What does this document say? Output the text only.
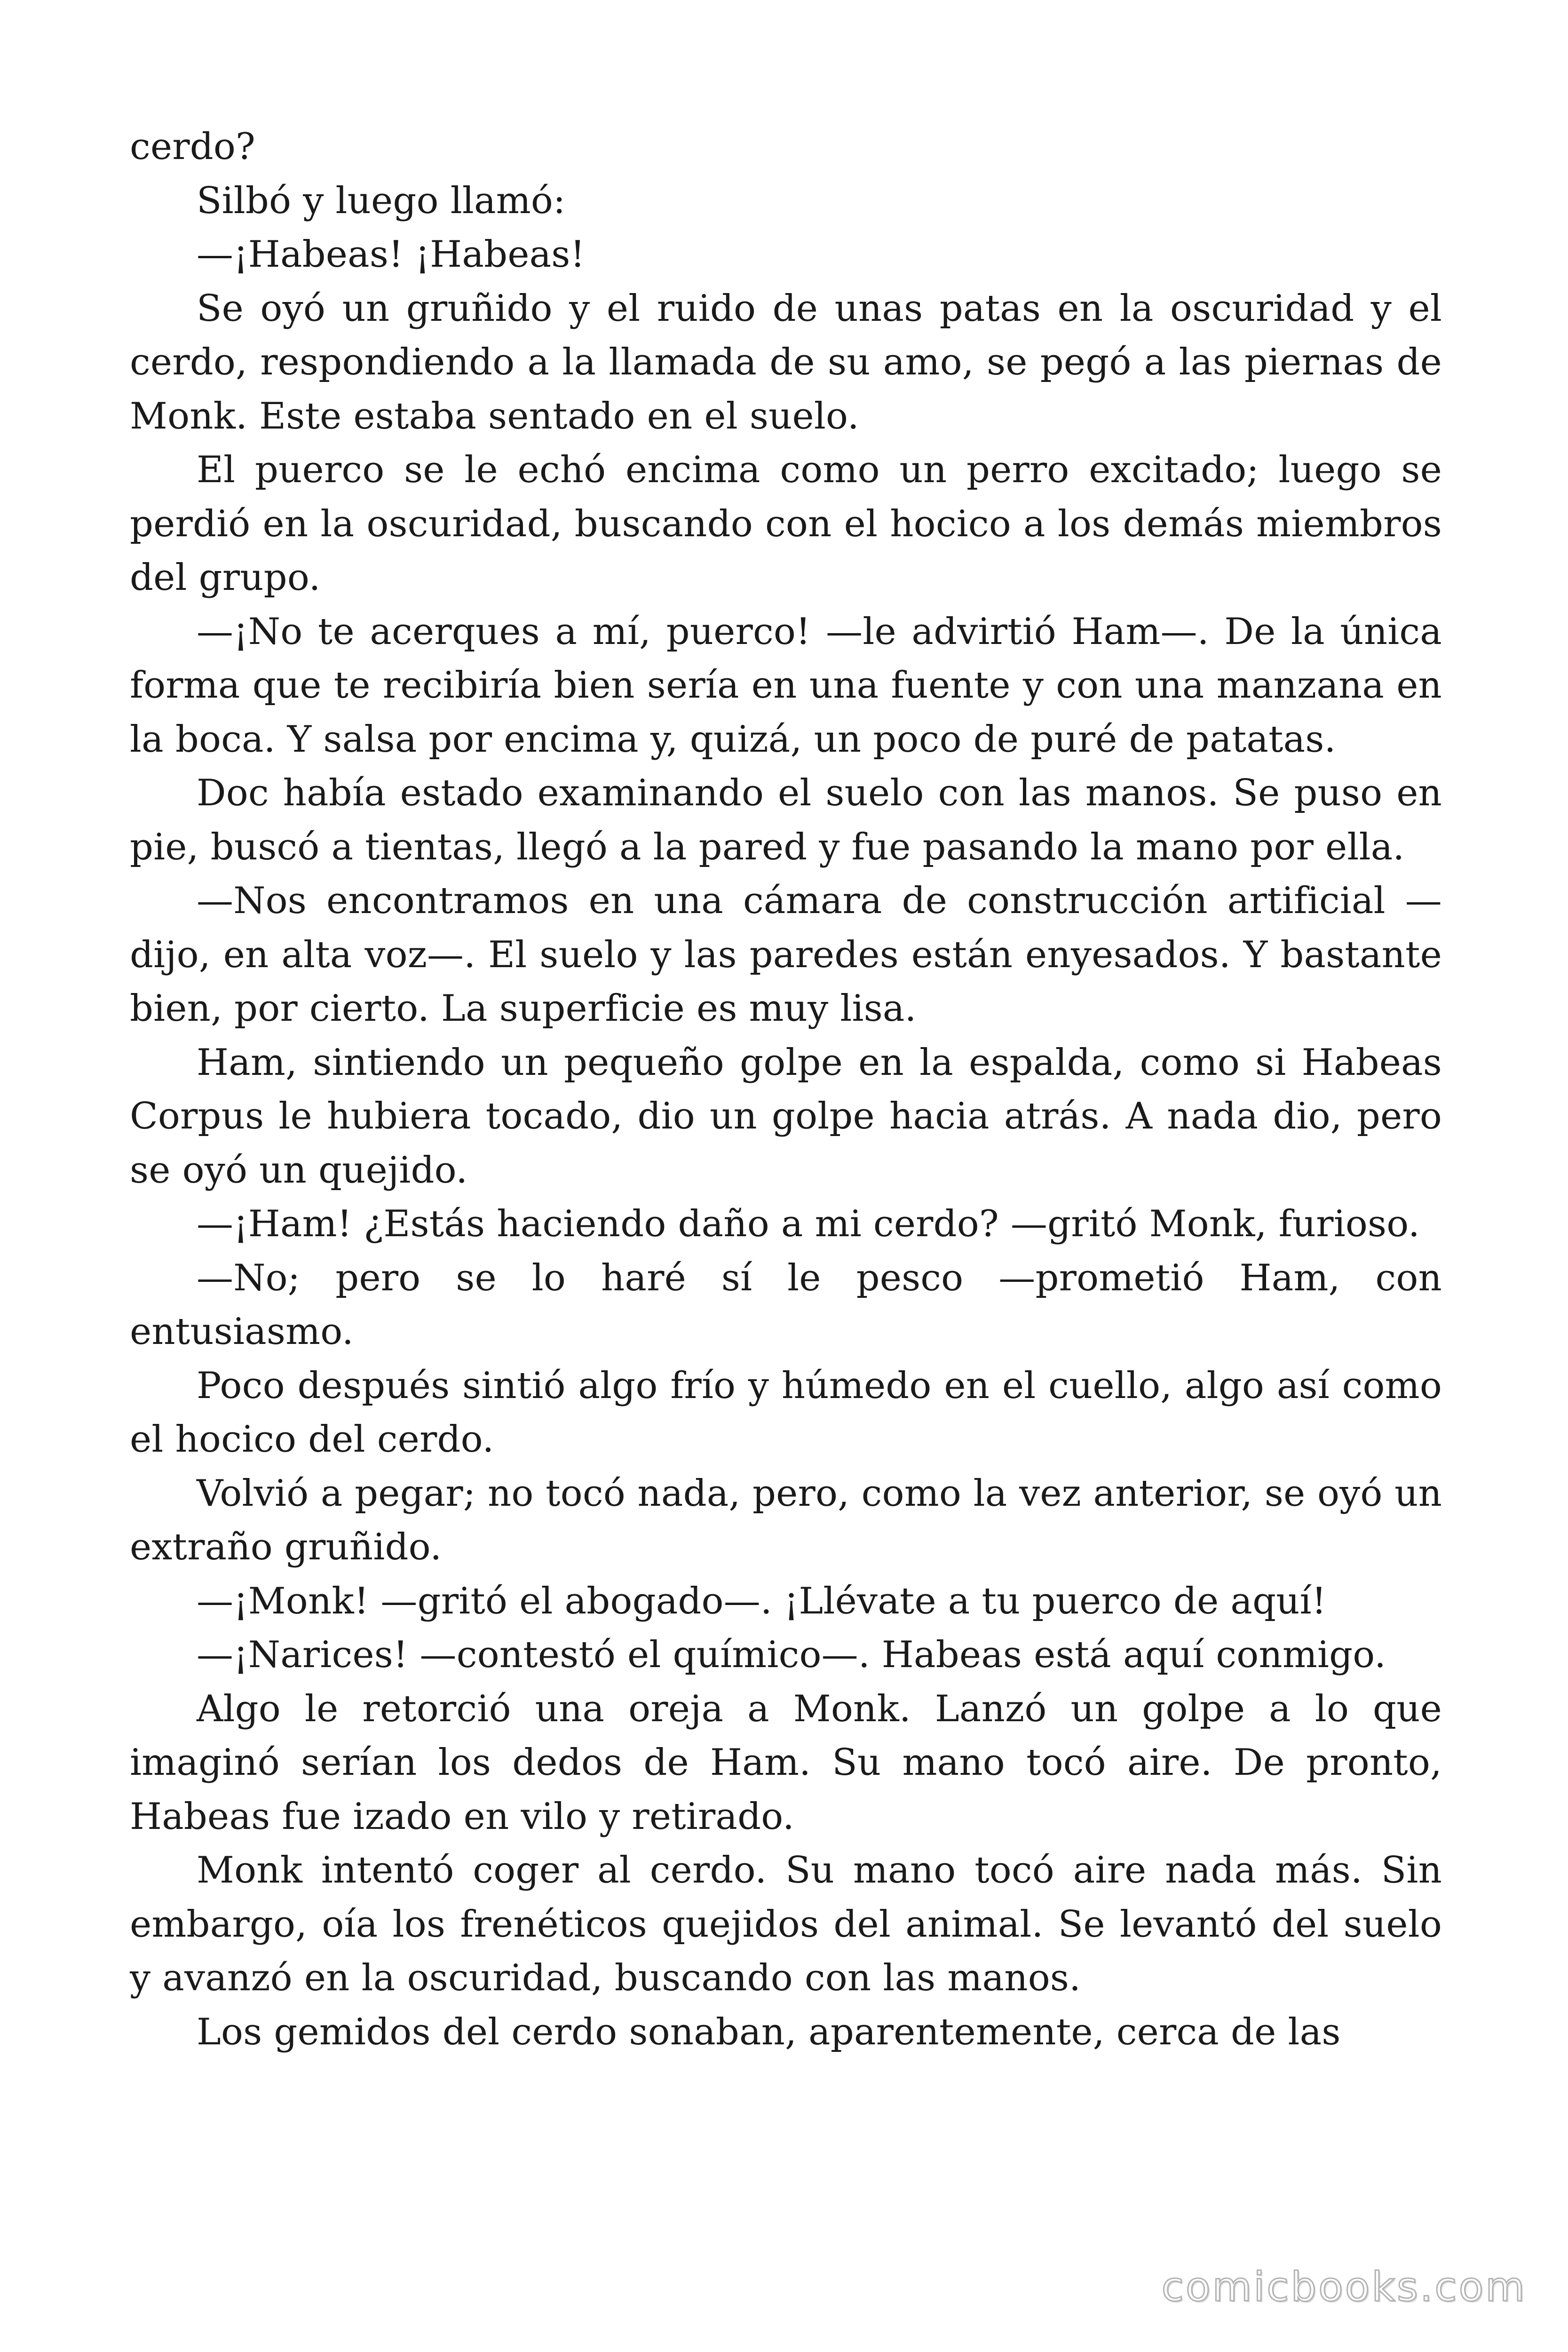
cerdo?

Silbó y luego llamó:

—¡Habeas! ¡Habeas!

Se oyó un gruñido y el ruido de unas patas en la oscuridad y el cerdo, respondiendo a la llamada de su amo, se pegó a las piernas de Monk. Este estaba sentado en el suelo.

El puerco se le echó encima como un perro excitado; luego se perdió en la oscuridad, buscando con el hocico a los demás miembros del grupo.

—¡No te acerques a mí, puerco! —le advirtió Ham—. De la única forma que te recibiría bien sería en una fuente y con una manzana en la boca. Y salsa por encima y, quizá, un poco de puré de patatas.

Doc había estado examinando el suelo con las manos. Se puso en pie, buscó a tientas, llegó a la pared y fue pasando la mano por ella.

—Nos encontramos en una cámara de construcción artificial —dijo, en alta voz—. El suelo y las paredes están enyesados. Y bastante bien, por cierto. La superficie es muy lisa.

Ham, sintiendo un pequeño golpe en la espalda, como si Habeas Corpus le hubiera tocado, dio un golpe hacia atrás. A nada dio, pero se oyó un quejido.

—¡Ham! ¿Estás haciendo daño a mi cerdo? —gritó Monk, furioso.

—No; pero se lo haré sí le pesco —prometió Ham, con entusiasmo.

Poco después sintió algo frío y húmedo en el cuello, algo así como el hocico del cerdo.

Volvió a pegar; no tocó nada, pero, como la vez anterior, se oyó un extraño gruñido.

—¡Monk! —gritó el abogado—. ¡Llévate a tu puerco de aquí!

—¡Narices! —contestó el químico—. Habeas está aquí conmigo.

Algo le retorció una oreja a Monk. Lanzó un golpe a lo que imaginó serían los dedos de Ham. Su mano tocó aire. De pronto, Habeas fue izado en vilo y retirado.

Monk intentó coger al cerdo. Su mano tocó aire nada más. Sin embargo, oía los frenéticos quejidos del animal. Se levantó del suelo y avanzó en la oscuridad, buscando con las manos.

Los gemidos del cerdo sonaban, aparentemente, cerca de las

comicbooks.com
